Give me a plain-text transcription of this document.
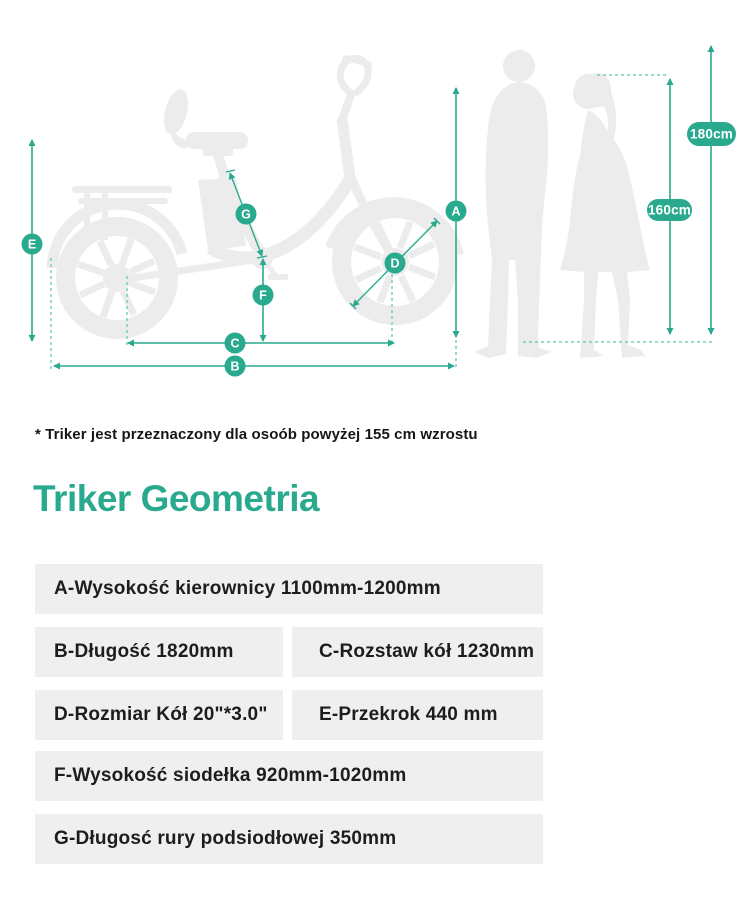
E
G
F
D
A
C
B
160cm
180cm
* Triker jest przeznaczony dla osoób powyżej 155 cm wzrostu
Triker Geometria
A-Wysokość kierownicy 1100mm-1200mm
B-Długość 1820mm	C-Rozstaw kół 1230mm
D-Rozmiar Kół 20"*3.0"	E-Przekrok 440 mm
F-Wysokość siodełka 920mm-1020mm
G-Długosć rury podsiodłowej 350mm
